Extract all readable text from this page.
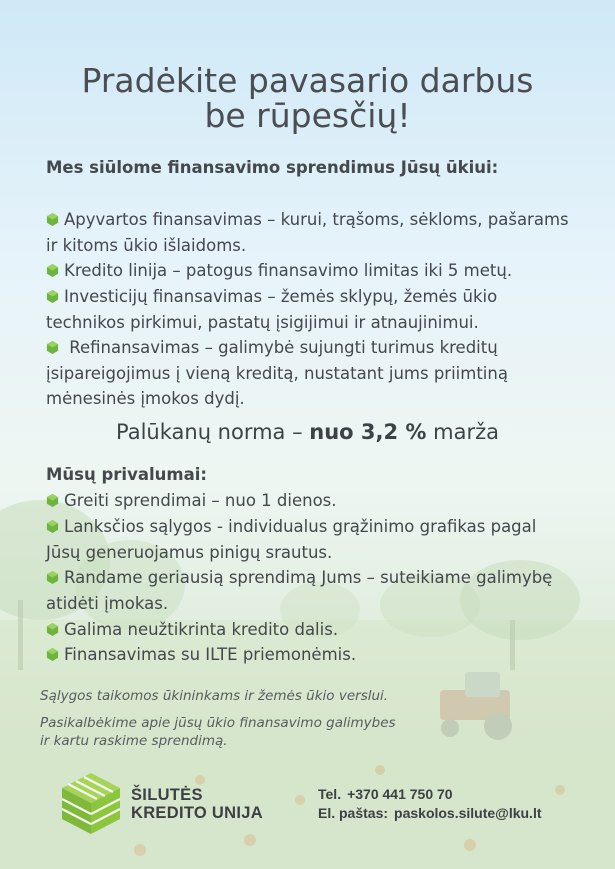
Pradėkite pavasario darbus
be rūpesčių!
Mes siūlome finansavimo sprendimus Jūsų ūkiui:
Apyvartos finansavimas – kurui, trąšoms, sėkloms, pašarams
ir kitoms ūkio išlaidoms.
Kredito linija – patogus finansavimo limitas iki 5 metų.
Investicijų finansavimas – žemės sklypų, žemės ūkio
technikos pirkimui, pastatų įsigijimui ir atnaujinimui.
Refinansavimas – galimybė sujungti turimus kreditų
įsipareigojimus į vieną kreditą, nustatant jums priimtiną
mėnesinės įmokos dydį.
Palūkanų norma – nuo 3,2 % marža
Mūsų privalumai:
Greiti sprendimai – nuo 1 dienos.
Lanksčios sąlygos - individualus grąžinimo grafikas pagal
Jūsų generuojamus pinigų srautus.
Randame geriausią sprendimą Jums – suteikiame galimybę
atidėti įmokas.
Galima neužtikrinta kredito dalis.
Finansavimas su ILTE priemonėmis.
Sąlygos taikomos ūkininkams ir žemės ūkio verslui.
Pasikalbėkime apie jūsų ūkio finansavimo galimybes
ir kartu raskime sprendimą.
ŠILUTĖS
KREDITO UNIJA
Tel. +370 441 750 70
El. paštas: paskolos.silute@lku.lt
